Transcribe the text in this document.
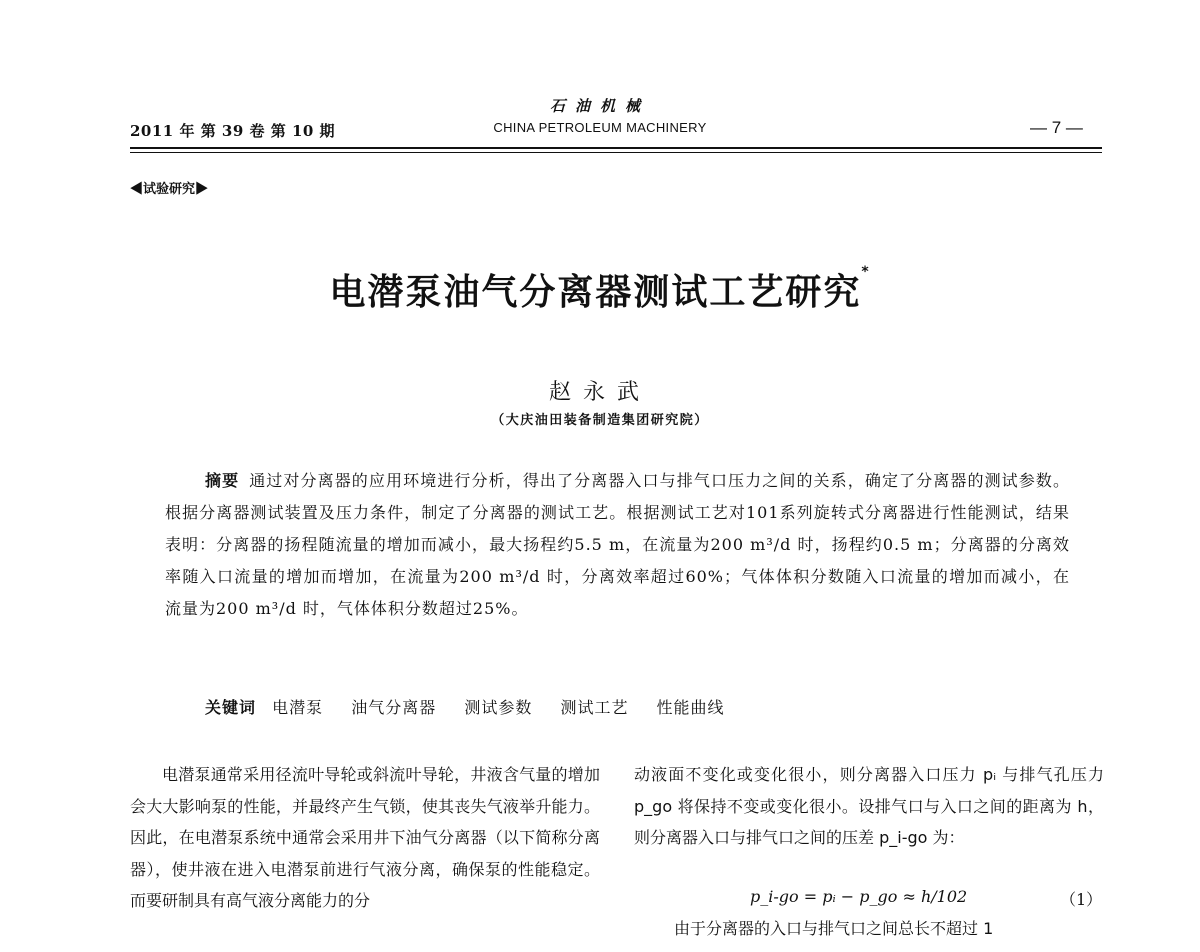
2011 年 第 39 卷 第 10 期
石油机械
CHINA PETROLEUM MACHINERY	— 7 —
◀试验研究▶
电潜泵油气分离器测试工艺研究*
赵永武
（大庆油田装备制造集团研究院）
摘要 通过对分离器的应用环境进行分析，得出了分离器入口与排气口压力之间的关系，确定了分离器的测试参数。根据分离器测试装置及压力条件，制定了分离器的测试工艺。根据测试工艺对101系列旋转式分离器进行性能测试，结果表明：分离器的扬程随流量的增加而减小，最大扬程约5.5 m，在流量为200 m³/d 时，扬程约0.5 m；分离器的分离效率随入口流量的增加而增加，在流量为200 m³/d 时，分离效率超过60%；气体体积分数随入口流量的增加而减小，在流量为200 m³/d 时，气体体积分数超过25%。
关键词 电潜泵 油气分离器 测试参数 测试工艺 性能曲线
电潜泵通常采用径流叶导轮或斜流叶导轮，井液含气量的增加会大大影响泵的性能，并最终产生气锁，使其丧失气液举升能力。因此，在电潜泵系统中通常会采用井下油气分离器（以下简称分离器），使井液在进入电潜泵前进行气液分离，确保泵的性能稳定。而要研制具有高气液分离能力的分
动液面不变化或变化很小，则分离器入口压力 pᵢ 与排气孔压力 p_go 将保持不变或变化很小。设排气口与入口之间的距离为 h，则分离器入口与排气口之间的压差 p_i-go 为：
p_i-go = pᵢ − p_go ≈ h/102	（1）
由于分离器的入口与排气口之间总长不超过 1
